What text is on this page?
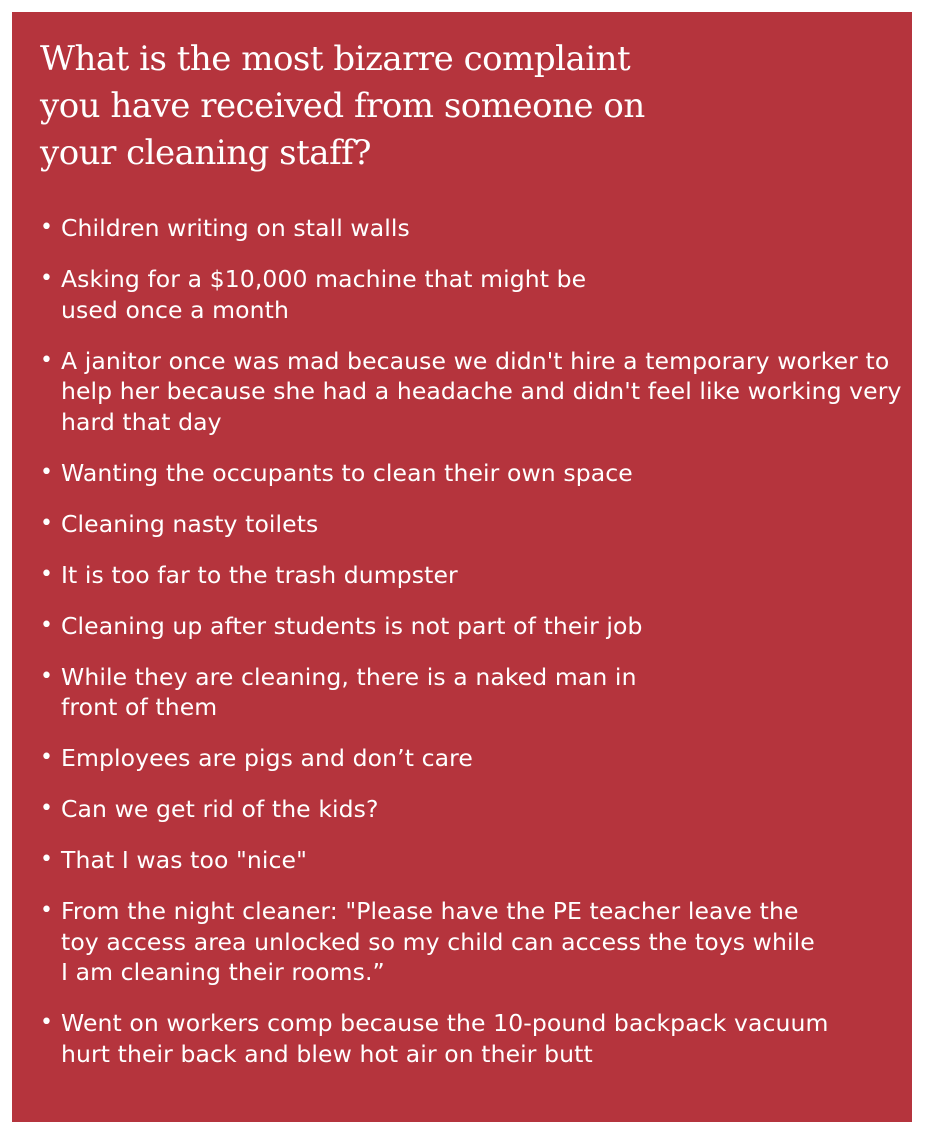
What is the most bizarre complaint you have received from someone on your cleaning staff?
• Children writing on stall walls
• Asking for a $10,000 machine that might be used once a month
• A janitor once was mad because we didn't hire a temporary worker to help her because she had a headache and didn't feel like working very hard that day
• Wanting the occupants to clean their own space
• Cleaning nasty toilets
• It is too far to the trash dumpster
• Cleaning up after students is not part of their job
• While they are cleaning, there is a naked man in front of them
• Employees are pigs and don’t care
• Can we get rid of the kids?
• That I was too "nice"
• From the night cleaner: "Please have the PE teacher leave the toy access area unlocked so my child can access the toys while I am cleaning their rooms.”
• Went on workers comp because the 10-pound backpack vacuum hurt their back and blew hot air on their butt
